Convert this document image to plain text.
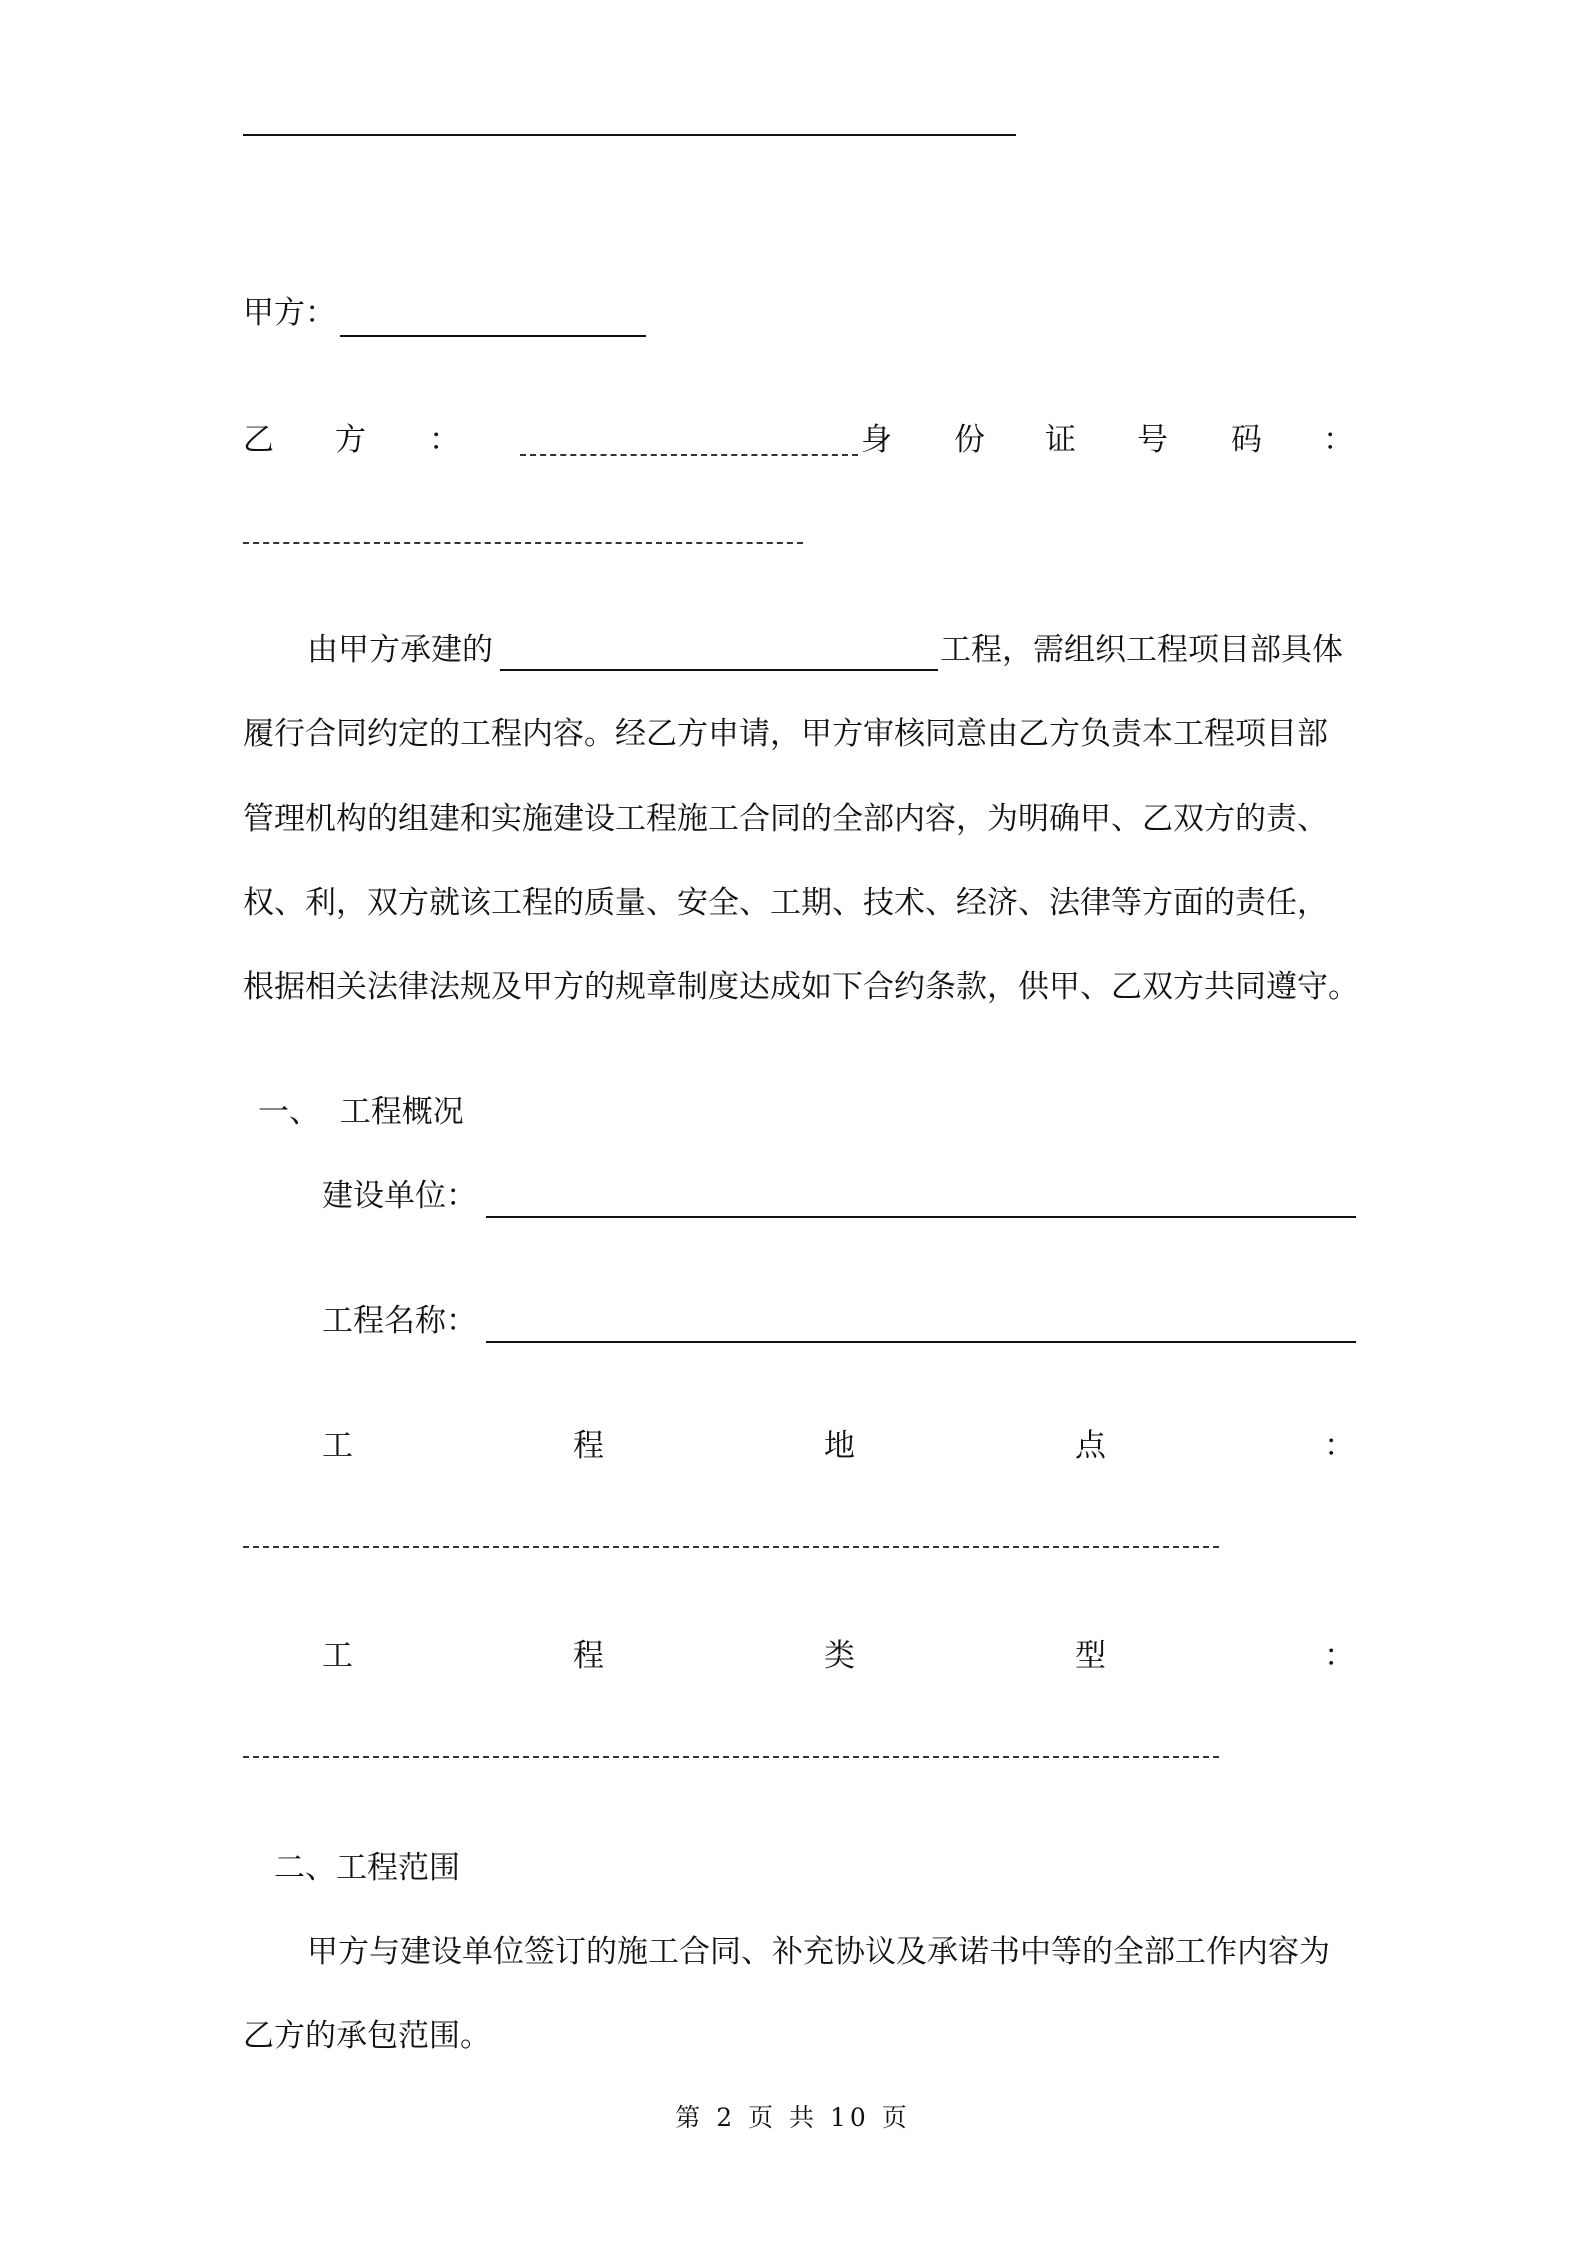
甲方：
乙 方 ：	身 份 证 号 码 ：
由甲方承建的	工程，需组织工程项目部具体
履行合同约定的工程内容。经乙方申请，甲方审核同意由乙方负责本工程项目部
管理机构的组建和实施建设工程施工合同的全部内容，为明确甲、乙双方的责、
权、利，双方就该工程的质量、安全、工期、技术、经济、法律等方面的责任，
根据相关法律法规及甲方的规章制度达成如下合约条款，供甲、乙双方共同遵守。
一、  工程概况
建设单位：
工程名称：
工	程	地	点	：
工	程	类	型	：
二、工程范围
甲方与建设单位签订的施工合同、补充协议及承诺书中等的全部工作内容为
乙方的承包范围。
第 2 页 共 10 页
